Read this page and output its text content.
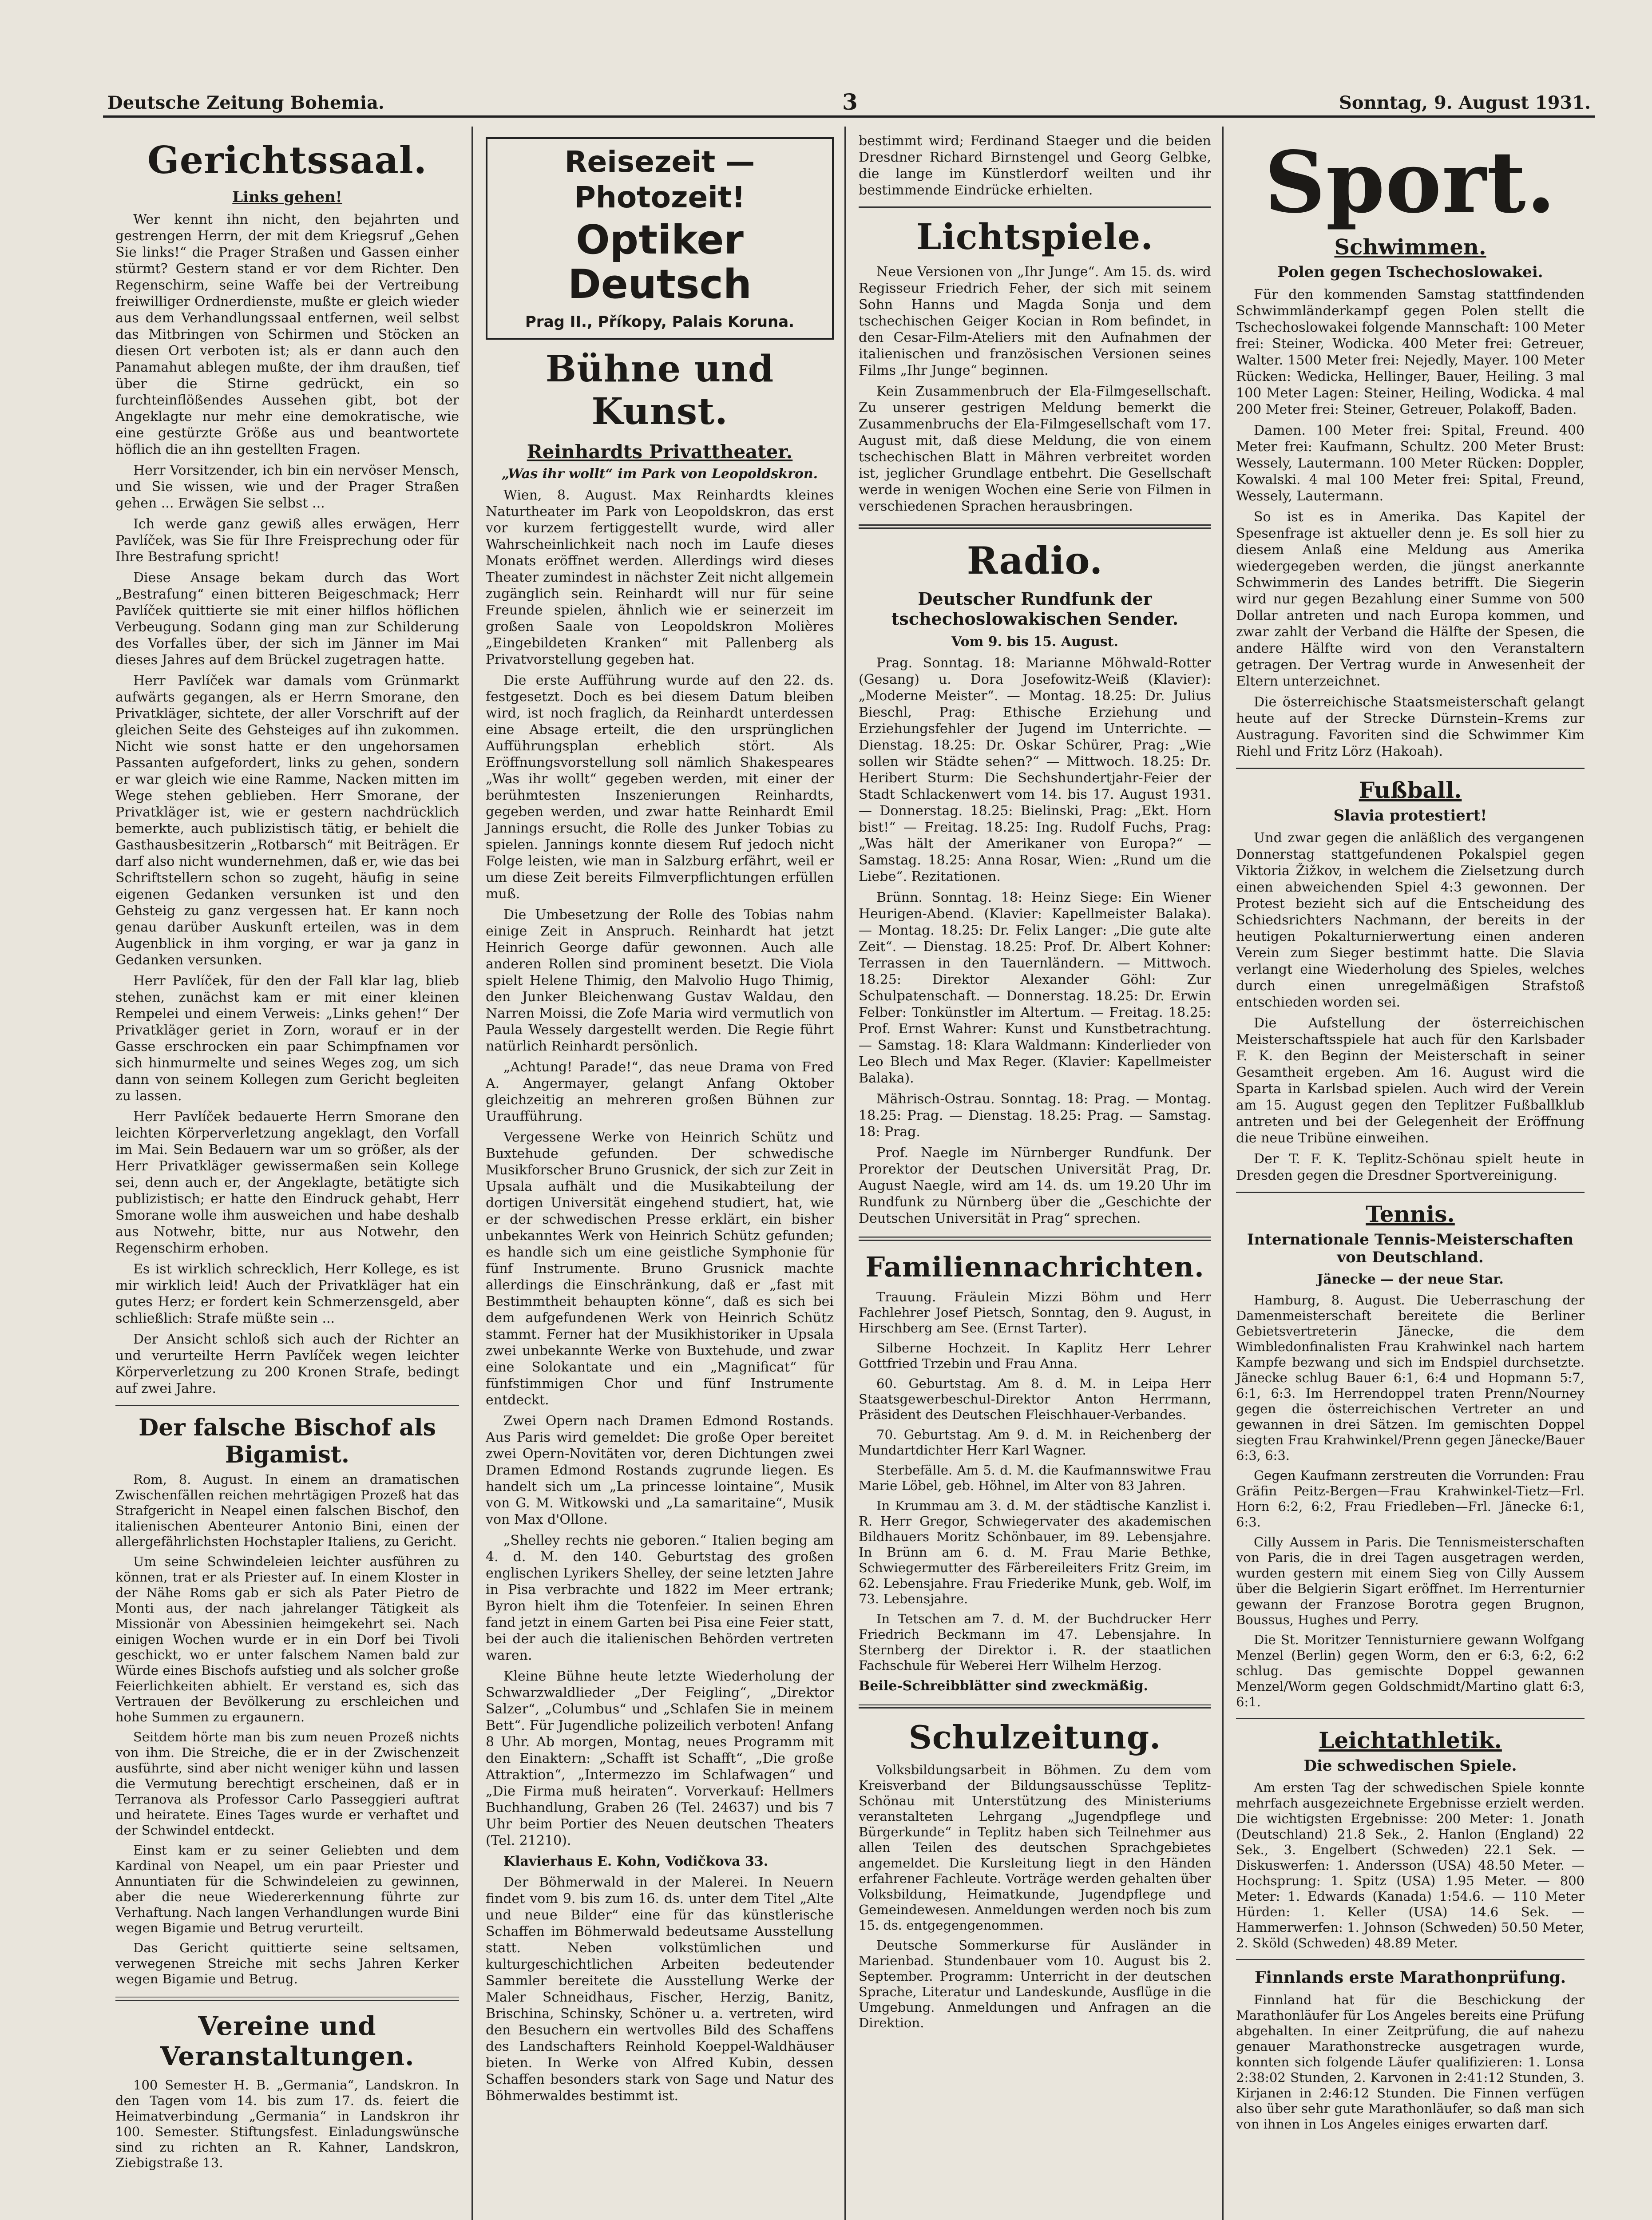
Deutsche Zeitung Bohemia.	3	Sonntag, 9. August 1931.
Gerichtssaal.
Links gehen!

Wer kennt ihn nicht, den bejahrten und gestrengen Herrn, der mit dem Kriegsruf „Gehen Sie links!“ die Prager Straßen und Gassen einher stürmt? Gestern stand er vor dem Richter. Den Regenschirm, seine Waffe bei der Vertreibung freiwilliger Ordnerdienste, mußte er gleich wieder aus dem Verhandlungssaal entfernen, weil selbst das Mitbringen von Schirmen und Stöcken an diesen Ort verboten ist; als er dann auch den Panamahut ablegen mußte, der ihm draußen, tief über die Stirne gedrückt, ein so furchteinflößendes Aussehen gibt, bot der Angeklagte nur mehr eine demokratische, wie eine gestürzte Größe aus und beantwortete höflich die an ihn gestellten Fragen.

Herr Vorsitzender, ich bin ein nervöser Mensch, und Sie wissen, wie und der Prager Straßen gehen ... Erwägen Sie selbst ...

Ich werde ganz gewiß alles erwägen, Herr Pavlíček, was Sie für Ihre Freisprechung oder für Ihre Bestrafung spricht!

Diese Ansage bekam durch das Wort „Bestrafung“ einen bitteren Beigeschmack; Herr Pavlíček quittierte sie mit einer hilflos höflichen Verbeugung. Sodann ging man zur Schilderung des Vorfalles über, der sich im Jänner im Mai dieses Jahres auf dem Brückel zugetragen hatte.

Herr Pavlíček war damals vom Grünmarkt aufwärts gegangen, als er Herrn Smorane, den Privatkläger, sichtete, der aller Vorschrift auf der gleichen Seite des Gehsteiges auf ihn zukommen. Nicht wie sonst hatte er den ungehorsamen Passanten aufgefordert, links zu gehen, sondern er war gleich wie eine Ramme, Nacken mitten im Wege stehen geblieben. Herr Smorane, der Privatkläger ist, wie er gestern nachdrücklich bemerkte, auch publizistisch tätig, er behielt die Gasthausbesitzerin „Rotbarsch“ mit Beiträgen. Er darf also nicht wundernehmen, daß er, wie das bei Schriftstellern schon so zugeht, häufig in seine eigenen Gedanken versunken ist und den Gehsteig zu ganz vergessen hat. Er kann noch genau darüber Auskunft erteilen, was in dem Augenblick in ihm vorging, er war ja ganz in Gedanken versunken.

Herr Pavlíček, für den der Fall klar lag, blieb stehen, zunächst kam er mit einer kleinen Rempelei und einem Verweis: „Links gehen!“ Der Privatkläger geriet in Zorn, worauf er in der Gasse erschrocken ein paar Schimpfnamen vor sich hinmurmelte und seines Weges zog, um sich dann von seinem Kollegen zum Gericht begleiten zu lassen.

Herr Pavlíček bedauerte Herrn Smorane den leichten Körperverletzung angeklagt, den Vorfall im Mai. Sein Bedauern war um so größer, als der Herr Privatkläger gewissermaßen sein Kollege sei, denn auch er, der Angeklagte, betätigte sich publizistisch; er hatte den Eindruck gehabt, Herr Smorane wolle ihm ausweichen und habe deshalb aus Notwehr, bitte, nur aus Notwehr, den Regenschirm erhoben.

Es ist wirklich schrecklich, Herr Kollege, es ist mir wirklich leid! Auch der Privatkläger hat ein gutes Herz; er fordert kein Schmerzensgeld, aber schließlich: Strafe müßte sein ...

Der Ansicht schloß sich auch der Richter an und verurteilte Herrn Pavlíček wegen leichter Körperverletzung zu 200 Kronen Strafe, bedingt auf zwei Jahre.

Der falsche Bischof als Bigamist.

Rom, 8. August. In einem an dramatischen Zwischenfällen reichen mehrtägigen Prozeß hat das Strafgericht in Neapel einen falschen Bischof, den italienischen Abenteurer Antonio Bini, einen der allergefährlichsten Hochstapler Italiens, zu Gericht.

Um seine Schwindeleien leichter ausführen zu können, trat er als Priester auf. In einem Kloster in der Nähe Roms gab er sich als Pater Pietro de Monti aus, der nach jahrelanger Tätigkeit als Missionär von Abessinien heimgekehrt sei. Nach einigen Wochen wurde er in ein Dorf bei Tivoli geschickt, wo er unter falschem Namen bald zur Würde eines Bischofs aufstieg und als solcher große Feierlichkeiten abhielt. Er verstand es, sich das Vertrauen der Bevölkerung zu erschleichen und hohe Summen zu ergaunern.

Seitdem hörte man bis zum neuen Prozeß nichts von ihm. Die Streiche, die er in der Zwischenzeit ausführte, sind aber nicht weniger kühn und lassen die Vermutung berechtigt erscheinen, daß er in Terranova als Professor Carlo Passeggieri auftrat und heiratete. Eines Tages wurde er verhaftet und der Schwindel entdeckt.

Einst kam er zu seiner Geliebten und dem Kardinal von Neapel, um ein paar Priester und Annuntiaten für die Schwindeleien zu gewinnen, aber die neue Wiedererkennung führte zur Verhaftung. Nach langen Verhandlungen wurde Bini wegen Bigamie und Betrug verurteilt.

Das Gericht quittierte seine seltsamen, verwegenen Streiche mit sechs Jahren Kerker wegen Bigamie und Betrug.

Vereine und Veranstaltungen.

100 Semester H. B. „Germania“, Landskron. In den Tagen vom 14. bis zum 17. ds. feiert die Heimatverbindung „Germania“ in Landskron ihr 100. Semester. Stiftungsfest. Einladungswünsche sind zu richten an R. Kahner, Landskron, Ziebigstraße 13.

Reisezeit — Photozeit!
Optiker Deutsch
Prag II., Příkopy, Palais Koruna.
Bühne und Kunst.
Reinhardts Privattheater.
„Was ihr wollt“ im Park von Leopoldskron.

Wien, 8. August. Max Reinhardts kleines Naturtheater im Park von Leopoldskron, das erst vor kurzem fertiggestellt wurde, wird aller Wahrscheinlichkeit nach noch im Laufe dieses Monats eröffnet werden. Allerdings wird dieses Theater zumindest in nächster Zeit nicht allgemein zugänglich sein. Reinhardt will nur für seine Freunde spielen, ähnlich wie er seinerzeit im großen Saale von Leopoldskron Molières „Eingebildeten Kranken“ mit Pallenberg als Privatvorstellung gegeben hat.

Die erste Aufführung wurde auf den 22. ds. festgesetzt. Doch es bei diesem Datum bleiben wird, ist noch fraglich, da Reinhardt unterdessen eine Absage erteilt, die den ursprünglichen Aufführungsplan erheblich stört. Als Eröffnungsvorstellung soll nämlich Shakespeares „Was ihr wollt“ gegeben werden, mit einer der berühmtesten Inszenierungen Reinhardts, gegeben werden, und zwar hatte Reinhardt Emil Jannings ersucht, die Rolle des Junker Tobias zu spielen. Jannings konnte diesem Ruf jedoch nicht Folge leisten, wie man in Salzburg erfährt, weil er um diese Zeit bereits Filmverpflichtungen erfüllen muß.

Die Umbesetzung der Rolle des Tobias nahm einige Zeit in Anspruch. Reinhardt hat jetzt Heinrich George dafür gewonnen. Auch alle anderen Rollen sind prominent besetzt. Die Viola spielt Helene Thimig, den Malvolio Hugo Thimig, den Junker Bleichenwang Gustav Waldau, den Narren Moissi, die Zofe Maria wird vermutlich von Paula Wessely dargestellt werden. Die Regie führt natürlich Reinhardt persönlich.

„Achtung! Parade!“, das neue Drama von Fred A. Angermayer, gelangt Anfang Oktober gleichzeitig an mehreren großen Bühnen zur Uraufführung.

Vergessene Werke von Heinrich Schütz und Buxtehude gefunden. Der schwedische Musikforscher Bruno Grusnick, der sich zur Zeit in Upsala aufhält und die Musikabteilung der dortigen Universität eingehend studiert, hat, wie er der schwedischen Presse erklärt, ein bisher unbekanntes Werk von Heinrich Schütz gefunden; es handle sich um eine geistliche Symphonie für fünf Instrumente. Bruno Grusnick machte allerdings die Einschränkung, daß er „fast mit Bestimmtheit behaupten könne“, daß es sich bei dem aufgefundenen Werk von Heinrich Schütz stammt. Ferner hat der Musikhistoriker in Upsala zwei unbekannte Werke von Buxtehude, und zwar eine Solokantate und ein „Magnificat“ für fünfstimmigen Chor und fünf Instrumente entdeckt.

Zwei Opern nach Dramen Edmond Rostands. Aus Paris wird gemeldet: Die große Oper bereitet zwei Opern-Novitäten vor, deren Dichtungen zwei Dramen Edmond Rostands zugrunde liegen. Es handelt sich um „La princesse lointaine“, Musik von G. M. Witkowski und „La samaritaine“, Musik von Max d'Ollone.

„Shelley rechts nie geboren.“ Italien beging am 4. d. M. den 140. Geburtstag des großen englischen Lyrikers Shelley, der seine letzten Jahre in Pisa verbrachte und 1822 im Meer ertrank; Byron hielt ihm die Totenfeier. In seinen Ehren fand jetzt in einem Garten bei Pisa eine Feier statt, bei der auch die italienischen Behörden vertreten waren.

Kleine Bühne heute letzte Wiederholung der Schwarzwaldlieder „Der Feigling“, „Direktor Salzer“, „Columbus“ und „Schlafen Sie in meinem Bett“. Für Jugendliche polizeilich verboten! Anfang 8 Uhr. Ab morgen, Montag, neues Programm mit den Einaktern: „Schafft ist Schafft“, „Die große Attraktion“, „Intermezzo im Schlafwagen“ und „Die Firma muß heiraten“. Vorverkauf: Hellmers Buchhandlung, Graben 26 (Tel. 24637) und bis 7 Uhr beim Portier des Neuen deutschen Theaters (Tel. 21210).

Klavierhaus E. Kohn, Vodičkova 33.

Der Böhmerwald in der Malerei. In Neuern findet vom 9. bis zum 16. ds. unter dem Titel „Alte und neue Bilder“ eine für das künstlerische Schaffen im Böhmerwald bedeutsame Ausstellung statt. Neben volkstümlichen und kulturgeschichtlichen Arbeiten bedeutender Sammler bereitete die Ausstellung Werke der Maler Schneidhaus, Fischer, Herzig, Banitz, Brischina, Schinsky, Schöner u. a. vertreten, wird den Besuchern ein wertvolles Bild des Schaffens des Landschafters Reinhold Koeppel-Waldhäuser bieten. In Werke von Alfred Kubin, dessen Schaffen besonders stark von Sage und Natur des Böhmerwaldes bestimmt ist.

bestimmt wird; Ferdinand Staeger und die beiden Dresdner Richard Birnstengel und Georg Gelbke, die lange im Künstlerdorf weilten und ihr bestimmende Eindrücke erhielten.

Lichtspiele.

Neue Versionen von „Ihr Junge“. Am 15. ds. wird Regisseur Friedrich Feher, der sich mit seinem Sohn Hanns und Magda Sonja und dem tschechischen Geiger Kocian in Rom befindet, in den Cesar-Film-Ateliers mit den Aufnahmen der italienischen und französischen Versionen seines Films „Ihr Junge“ beginnen.

Kein Zusammenbruch der Ela-Filmgesellschaft. Zu unserer gestrigen Meldung bemerkt die Zusammenbruchs der Ela-Filmgesellschaft vom 17. August mit, daß diese Meldung, die von einem tschechischen Blatt in Mähren verbreitet worden ist, jeglicher Grundlage entbehrt. Die Gesellschaft werde in wenigen Wochen eine Serie von Filmen in verschiedenen Sprachen herausbringen.

Radio.
Deutscher Rundfunk der tschechoslowakischen Sender.
Vom 9. bis 15. August.

Prag. Sonntag. 18: Marianne Möhwald-Rotter (Gesang) u. Dora Josefowitz-Weiß (Klavier): „Moderne Meister“. — Montag. 18.25: Dr. Julius Bieschl, Prag: Ethische Erziehung und Erziehungsfehler der Jugend im Unterrichte. — Dienstag. 18.25: Dr. Oskar Schürer, Prag: „Wie sollen wir Städte sehen?“ — Mittwoch. 18.25: Dr. Heribert Sturm: Die Sechshundertjahr-Feier der Stadt Schlackenwert vom 14. bis 17. August 1931. — Donnerstag. 18.25: Bielinski, Prag: „Ekt. Horn bist!“ — Freitag. 18.25: Ing. Rudolf Fuchs, Prag: „Was hält der Amerikaner von Europa?“ — Samstag. 18.25: Anna Rosar, Wien: „Rund um die Liebe“. Rezitationen.

Brünn. Sonntag. 18: Heinz Siege: Ein Wiener Heurigen-Abend. (Klavier: Kapellmeister Balaka). — Montag. 18.25: Dr. Felix Langer: „Die gute alte Zeit“. — Dienstag. 18.25: Prof. Dr. Albert Kohner: Terrassen in den Tauernländern. — Mittwoch. 18.25: Direktor Alexander Göhl: Zur Schulpatenschaft. — Donnerstag. 18.25: Dr. Erwin Felber: Tonkünstler im Altertum. — Freitag. 18.25: Prof. Ernst Wahrer: Kunst und Kunstbetrachtung. — Samstag. 18: Klara Waldmann: Kinderlieder von Leo Blech und Max Reger. (Klavier: Kapellmeister Balaka).

Mährisch-Ostrau. Sonntag. 18: Prag. — Montag. 18.25: Prag. — Dienstag. 18.25: Prag. — Samstag. 18: Prag.

Prof. Naegle im Nürnberger Rundfunk. Der Prorektor der Deutschen Universität Prag, Dr. August Naegle, wird am 14. ds. um 19.20 Uhr im Rundfunk zu Nürnberg über die „Geschichte der Deutschen Universität in Prag“ sprechen.

Familiennachrichten.

Trauung. Fräulein Mizzi Böhm und Herr Fachlehrer Josef Pietsch, Sonntag, den 9. August, in Hirschberg am See. (Ernst Tarter).

Silberne Hochzeit. In Kaplitz Herr Lehrer Gottfried Trzebin und Frau Anna.

60. Geburtstag. Am 8. d. M. in Leipa Herr Staatsgewerbeschul-Direktor Anton Herrmann, Präsident des Deutschen Fleischhauer-Verbandes.

70. Geburtstag. Am 9. d. M. in Reichenberg der Mundartdichter Herr Karl Wagner.

Sterbefälle. Am 5. d. M. die Kaufmannswitwe Frau Marie Löbel, geb. Höhnel, im Alter von 83 Jahren.

In Krummau am 3. d. M. der städtische Kanzlist i. R. Herr Gregor, Schwiegervater des akademischen Bildhauers Moritz Schönbauer, im 89. Lebensjahre. In Brünn am 6. d. M. Frau Marie Bethke, Schwiegermutter des Färbereileiters Fritz Greim, im 62. Lebensjahre. Frau Friederike Munk, geb. Wolf, im 73. Lebensjahre.

In Tetschen am 7. d. M. der Buchdrucker Herr Friedrich Beckmann im 47. Lebensjahre. In Sternberg der Direktor i. R. der staatlichen Fachschule für Weberei Herr Wilhelm Herzog.

Beile-Schreibblätter sind zweckmäßig.

Schulzeitung.

Volksbildungsarbeit in Böhmen. Zu dem vom Kreisverband der Bildungsausschüsse Teplitz-Schönau mit Unterstützung des Ministeriums veranstalteten Lehrgang „Jugendpflege und Bürgerkunde“ in Teplitz haben sich Teilnehmer aus allen Teilen des deutschen Sprachgebietes angemeldet. Die Kursleitung liegt in den Händen erfahrener Fachleute. Vorträge werden gehalten über Volksbildung, Heimatkunde, Jugendpflege und Gemeindewesen. Anmeldungen werden noch bis zum 15. ds. entgegengenommen.

Deutsche Sommerkurse für Ausländer in Marienbad. Stundenbauer vom 10. August bis 2. September. Programm: Unterricht in der deutschen Sprache, Literatur und Landeskunde, Ausflüge in die Umgebung. Anmeldungen und Anfragen an die Direktion.

Sport.
Schwimmen.
Polen gegen Tschechoslowakei.

Für den kommenden Samstag stattfindenden Schwimmländerkampf gegen Polen stellt die Tschechoslowakei folgende Mannschaft: 100 Meter frei: Steiner, Wodicka. 400 Meter frei: Getreuer, Walter. 1500 Meter frei: Nejedly, Mayer. 100 Meter Rücken: Wedicka, Hellinger, Bauer, Heiling. 3 mal 100 Meter Lagen: Steiner, Heiling, Wodicka. 4 mal 200 Meter frei: Steiner, Getreuer, Polakoff, Baden.

Damen. 100 Meter frei: Spital, Freund. 400 Meter frei: Kaufmann, Schultz. 200 Meter Brust: Wessely, Lautermann. 100 Meter Rücken: Doppler, Kowalski. 4 mal 100 Meter frei: Spital, Freund, Wessely, Lautermann.

So ist es in Amerika. Das Kapitel der Spesenfrage ist aktueller denn je. Es soll hier zu diesem Anlaß eine Meldung aus Amerika wiedergegeben werden, die jüngst anerkannte Schwimmerin des Landes betrifft. Die Siegerin wird nur gegen Bezahlung einer Summe von 500 Dollar antreten und nach Europa kommen, und zwar zahlt der Verband die Hälfte der Spesen, die andere Hälfte wird von den Veranstaltern getragen. Der Vertrag wurde in Anwesenheit der Eltern unterzeichnet.

Die österreichische Staatsmeisterschaft gelangt heute auf der Strecke Dürnstein–Krems zur Austragung. Favoriten sind die Schwimmer Kim Riehl und Fritz Lörz (Hakoah).

Fußball.
Slavia protestiert!

Und zwar gegen die anläßlich des vergangenen Donnerstag stattgefundenen Pokalspiel gegen Viktoria Žižkov, in welchem die Zielsetzung durch einen abweichenden Spiel 4:3 gewonnen. Der Protest bezieht sich auf die Entscheidung des Schiedsrichters Nachmann, der bereits in der heutigen Pokalturnierwertung einen anderen Verein zum Sieger bestimmt hatte. Die Slavia verlangt eine Wiederholung des Spieles, welches durch einen unregelmäßigen Strafstoß entschieden worden sei.

Die Aufstellung der österreichischen Meisterschaftsspiele hat auch für den Karlsbader F. K. den Beginn der Meisterschaft in seiner Gesamtheit ergeben. Am 16. August wird die Sparta in Karlsbad spielen. Auch wird der Verein am 15. August gegen den Teplitzer Fußballklub antreten und bei der Gelegenheit der Eröffnung die neue Tribüne einweihen.

Der T. F. K. Teplitz-Schönau spielt heute in Dresden gegen die Dresdner Sportvereinigung.

Tennis.
Internationale Tennis-Meisterschaften von Deutschland.
Jänecke — der neue Star.

Hamburg, 8. August. Die Ueberraschung der Damenmeisterschaft bereitete die Berliner Gebietsvertreterin Jänecke, die dem Wimbledonfinalisten Frau Krahwinkel nach hartem Kampfe bezwang und sich im Endspiel durchsetzte. Jänecke schlug Bauer 6:1, 6:4 und Hopmann 5:7, 6:1, 6:3. Im Herrendoppel traten Prenn/Nourney gegen die österreichischen Vertreter an und gewannen in drei Sätzen. Im gemischten Doppel siegten Frau Krahwinkel/Prenn gegen Jänecke/Bauer 6:3, 6:3.

Gegen Kaufmann zerstreuten die Vorrunden: Frau Gräfin Peitz-Bergen—Frau Krahwinkel-Tietz—Frl. Horn 6:2, 6:2, Frau Friedleben—Frl. Jänecke 6:1, 6:3.

Cilly Aussem in Paris. Die Tennismeisterschaften von Paris, die in drei Tagen ausgetragen werden, wurden gestern mit einem Sieg von Cilly Aussem über die Belgierin Sigart eröffnet. Im Herrenturnier gewann der Franzose Borotra gegen Brugnon, Boussus, Hughes und Perry.

Die St. Moritzer Tennisturniere gewann Wolfgang Menzel (Berlin) gegen Worm, den er 6:3, 6:2, 6:2 schlug. Das gemischte Doppel gewannen Menzel/Worm gegen Goldschmidt/Martino glatt 6:3, 6:1.

Leichtathletik.
Die schwedischen Spiele.

Am ersten Tag der schwedischen Spiele konnte mehrfach ausgezeichnete Ergebnisse erzielt werden. Die wichtigsten Ergebnisse: 200 Meter: 1. Jonath (Deutschland) 21.8 Sek., 2. Hanlon (England) 22 Sek., 3. Engelbert (Schweden) 22.1 Sek. — Diskuswerfen: 1. Andersson (USA) 48.50 Meter. — Hochsprung: 1. Spitz (USA) 1.95 Meter. — 800 Meter: 1. Edwards (Kanada) 1:54.6. — 110 Meter Hürden: 1. Keller (USA) 14.6 Sek. — Hammerwerfen: 1. Johnson (Schweden) 50.50 Meter, 2. Sköld (Schweden) 48.89 Meter.

Finnlands erste Marathonprüfung.

Finnland hat für die Beschickung der Marathonläufer für Los Angeles bereits eine Prüfung abgehalten. In einer Zeitprüfung, die auf nahezu genauer Marathonstrecke ausgetragen wurde, konnten sich folgende Läufer qualifizieren: 1. Lonsa 2:38:02 Stunden, 2. Karvonen in 2:41:12 Stunden, 3. Kirjanen in 2:46:12 Stunden. Die Finnen verfügen also über sehr gute Marathonläufer, so daß man sich von ihnen in Los Angeles einiges erwarten darf.
